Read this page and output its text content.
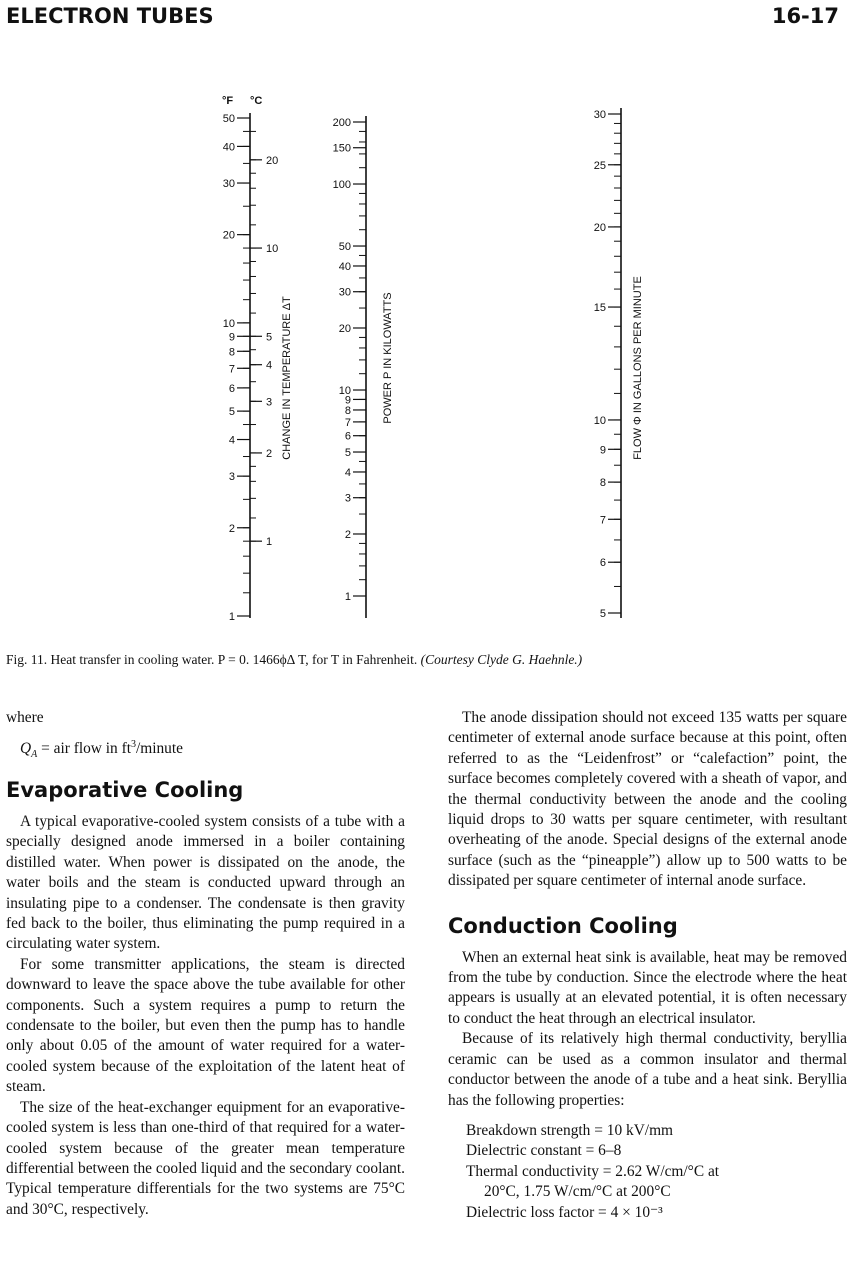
ELECTRON TUBES	16-17
°F °C
50
40
30
20
10
9
8
7
6
5
4
3
2
1
20
10
5
4
3
2
1
200
150
100
50
40
30
20
10
9
8
7
6
5
4
3
2
1
30
25
20
15
10
9
8
7
6
5
CHANGE IN TEMPERATURE ΔT	POWER P IN KILOWATTS	FLOW Φ IN GALLONS PER MINUTE
Fig. 11. Heat transfer in cooling water. P = 0. 1466ϕΔ T, for T in Fahrenheit. (Courtesy Clyde G. Haehnle.)

where

$Q_A$ = air flow in $ft^3$/minute
Evaporative Cooling

A typical evaporative-cooled system consists of a tube with a specially designed anode immersed in a boiler containing distilled water. When power is dissipated on the anode, the water boils and the steam is conducted upward through an insulating pipe to a condenser. The condensate is then gravity fed back to the boiler, thus eliminating the pump required in a circulating water system.

For some transmitter applications, the steam is directed downward to leave the space above the tube available for other components. Such a system requires a pump to return the condensate to the boiler, but even then the pump has to handle only about 0.05 of the amount of water required for a water-cooled system because of the exploitation of the latent heat of steam.

The size of the heat-exchanger equipment for an evaporative-cooled system is less than one-third of that required for a water-cooled system because of the greater mean temperature differential between the cooled liquid and the secondary coolant. Typical temperature differentials for the two systems are 75°C and 30°C, respectively.

The anode dissipation should not exceed 135 watts per square centimeter of external anode surface because at this point, often referred to as the “Leidenfrost” or “calefaction” point, the surface becomes completely covered with a sheath of vapor, and the thermal conductivity between the anode and the cooling liquid drops to 30 watts per square centimeter, with resultant overheating of the anode. Special designs of the external anode surface (such as the “pineapple”) allow up to 500 watts to be dissipated per square centimeter of internal anode surface.

Conduction Cooling

When an external heat sink is available, heat may be removed from the tube by conduction. Since the electrode where the heat appears is usually at an elevated potential, it is often necessary to conduct the heat through an electrical insulator.

Because of its relatively high thermal conductivity, beryllia ceramic can be used as a common insulator and thermal conductor between the anode of a tube and a heat sink. Beryllia has the following properties:

Breakdown strength = 10 kV/mm
Dielectric constant = 6–8
Thermal conductivity = 2.62 W/cm/°C at
20°C, 1.75 W/cm/°C at 200°C
Dielectric loss factor = 4 × 10⁻³
